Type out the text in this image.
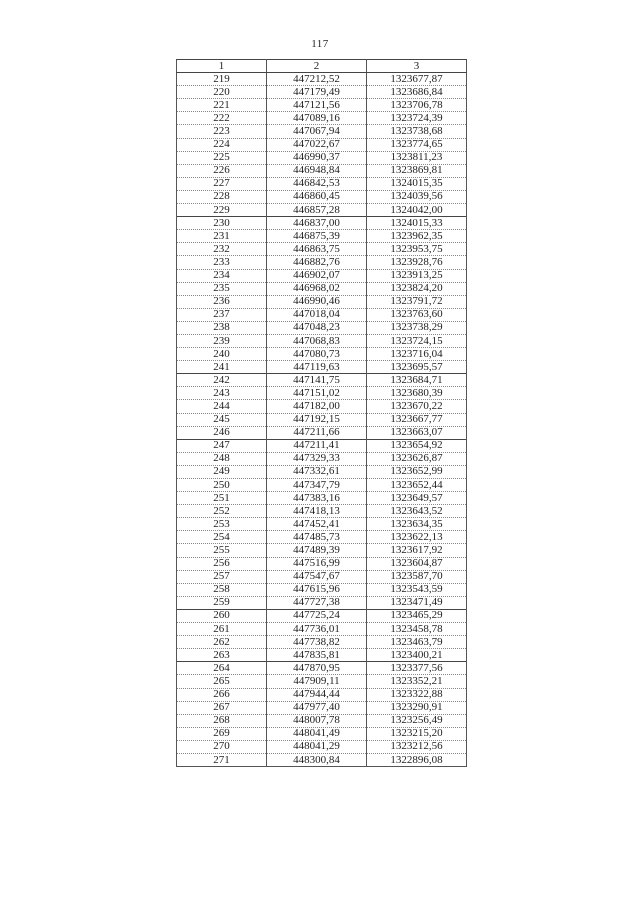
117
1	2	3
219	447212,52	1323677,87
220	447179,49	1323686,84
221	447121,56	1323706,78
222	447089,16	1323724,39
223	447067,94	1323738,68
224	447022,67	1323774,65
225	446990,37	1323811,23
226	446948,84	1323869,81
227	446842,53	1324015,35
228	446860,45	1324039,56
229	446857,28	1324042,00
230	446837,00	1324015,33
231	446875,39	1323962,35
232	446863,75	1323953,75
233	446882,76	1323928,76
234	446902,07	1323913,25
235	446968,02	1323824,20
236	446990,46	1323791,72
237	447018,04	1323763,60
238	447048,23	1323738,29
239	447068,83	1323724,15
240	447080,73	1323716,04
241	447119,63	1323695,57
242	447141,75	1323684,71
243	447151,02	1323680,39
244	447182,00	1323670,22
245	447192,15	1323667,77
246	447211,66	1323663,07
247	447211,41	1323654,92
248	447329,33	1323626,87
249	447332,61	1323652,99
250	447347,79	1323652,44
251	447383,16	1323649,57
252	447418,13	1323643,52
253	447452,41	1323634,35
254	447485,73	1323622,13
255	447489,39	1323617,92
256	447516,99	1323604,87
257	447547,67	1323587,70
258	447615,96	1323543,59
259	447727,38	1323471,49
260	447725,24	1323465,29
261	447736,01	1323458,78
262	447738,82	1323463,79
263	447835,81	1323400,21
264	447870,95	1323377,56
265	447909,11	1323352,21
266	447944,44	1323322,88
267	447977,40	1323290,91
268	448007,78	1323256,49
269	448041,49	1323215,20
270	448041,29	1323212,56
271	448300,84	1322896,08
